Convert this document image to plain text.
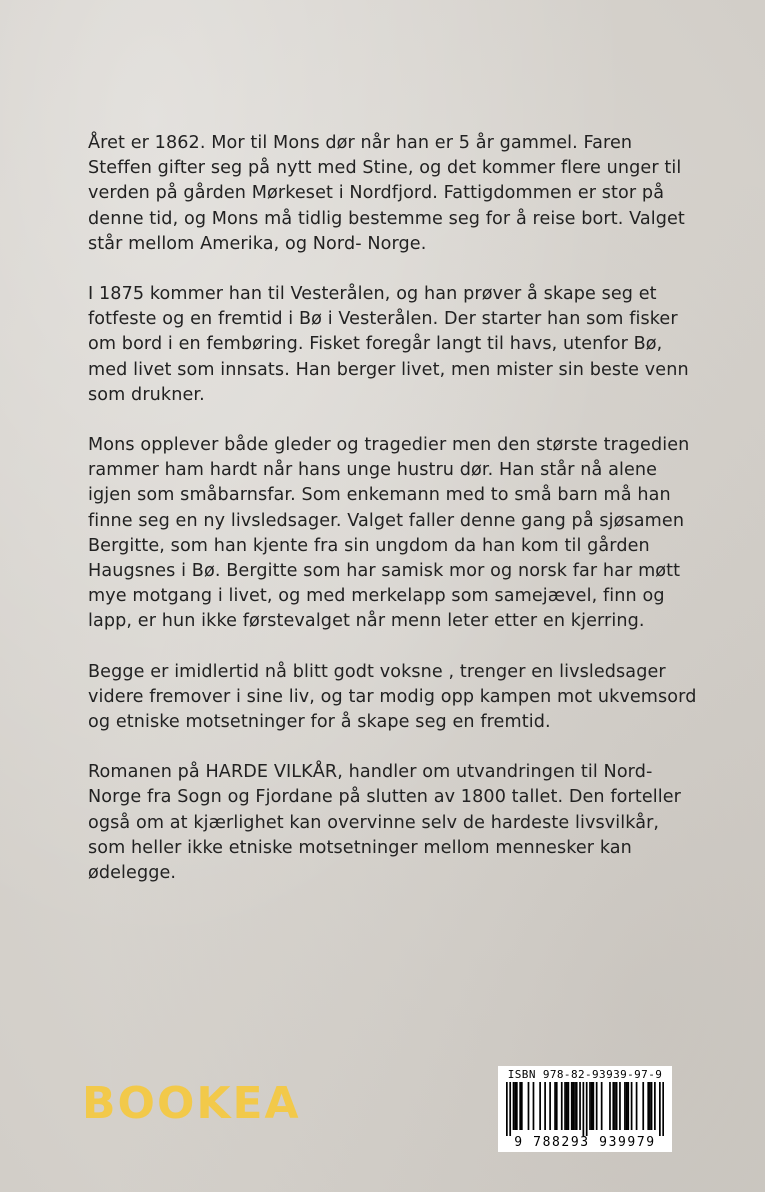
Året er 1862. Mor til Mons dør når han er 5 år gammel. Faren Steffen gifter seg på nytt med Stine, og det kommer flere unger til verden på gården Mørkeset i Nordfjord. Fattigdommen er stor på denne tid, og Mons må tidlig bestemme seg for å reise bort. Valget står mellom Amerika, og Nord- Norge.

I 1875 kommer han til Vesterålen, og han prøver å skape seg et fotfeste og en fremtid i Bø i Vesterålen. Der starter han som fisker om bord i en fembøring. Fisket foregår langt til havs, utenfor Bø, med livet som innsats. Han berger livet, men mister sin beste venn som drukner.

Mons opplever både gleder og tragedier men den største tragedien rammer ham hardt når hans unge hustru dør. Han står nå alene igjen som småbarnsfar. Som enkemann med to små barn må han finne seg en ny livsledsager. Valget faller denne gang på sjøsamen Bergitte, som han kjente fra sin ungdom da han kom til gården Haugsnes i Bø. Bergitte som har samisk mor og norsk far har møtt mye motgang i livet, og med merkelapp som samejævel, finn og lapp, er hun ikke førstevalget når menn leter etter en kjerring.

Begge er imidlertid nå blitt godt voksne , trenger en livsledsager videre fremover i sine liv, og tar modig opp kampen mot ukvemsord og etniske motsetninger for å skape seg en fremtid.

Romanen på HARDE VILKÅR, handler om utvandringen til Nord-Norge fra Sogn og Fjordane på slutten av 1800 tallet. Den forteller også om at kjærlighet kan overvinne selv de hardeste livsvilkår, som heller ikke etniske motsetninger mellom mennesker kan ødelegge.

BOOKEA
ISBN 978-82-93939-97-9
9 788293 939979
